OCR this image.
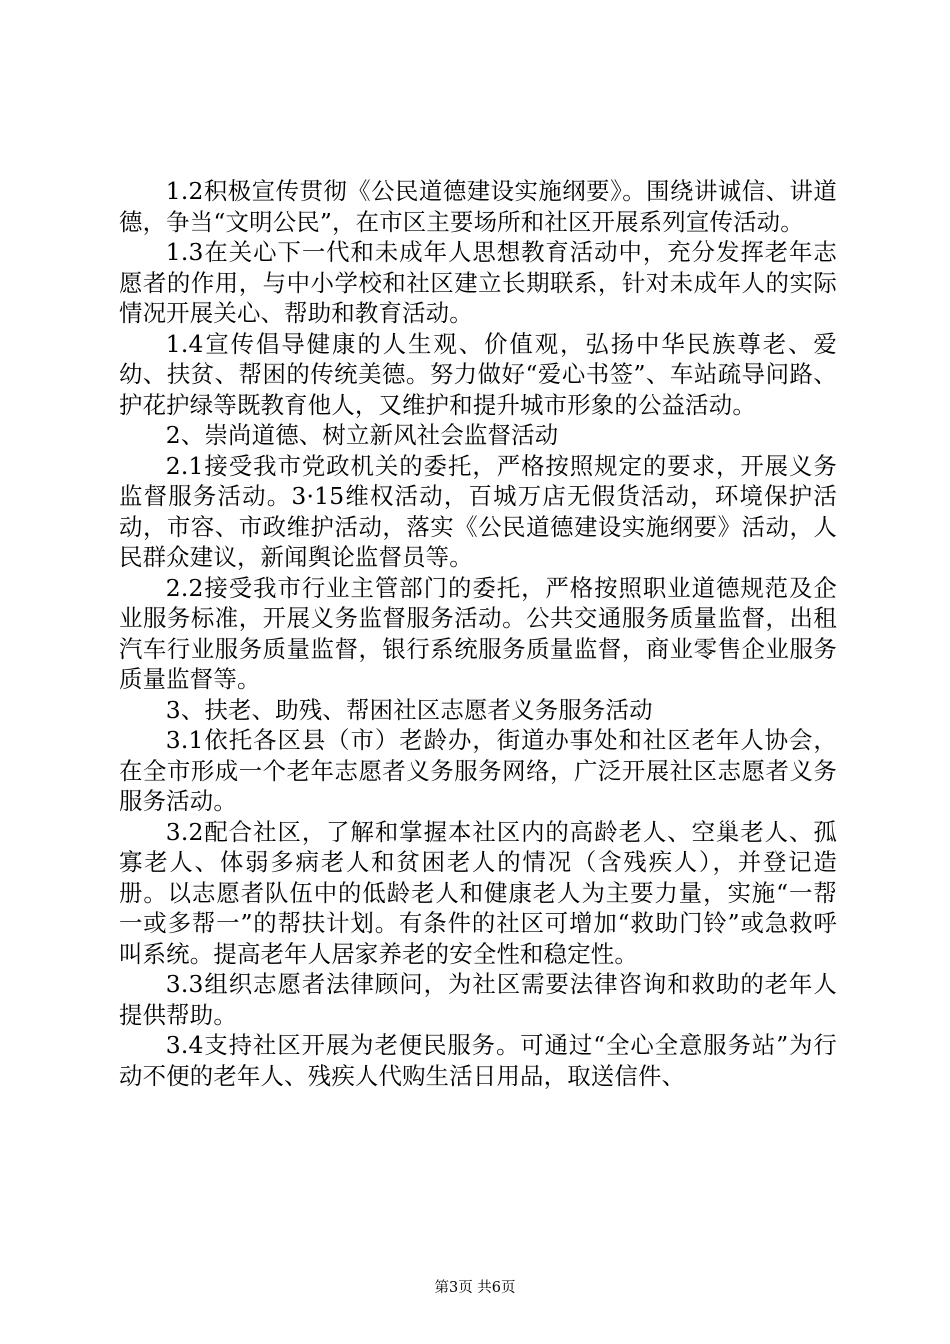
1.2积极宣传贯彻《公民道德建设实施纲要》。围绕讲诚信、讲道德，争当“文明公民”，在市区主要场所和社区开展系列宣传活动。

1.3在关心下一代和未成年人思想教育活动中，充分发挥老年志愿者的作用，与中小学校和社区建立长期联系，针对未成年人的实际情况开展关心、帮助和教育活动。

1.4宣传倡导健康的人生观、价值观，弘扬中华民族尊老、爱幼、扶贫、帮困的传统美德。努力做好“爱心书签”、车站疏导问路、护花护绿等既教育他人，又维护和提升城市形象的公益活动。

2、崇尚道德、树立新风社会监督活动

2.1接受我市党政机关的委托，严格按照规定的要求，开展义务监督服务活动。3·15维权活动，百城万店无假货活动，环境保护活动，市容、市政维护活动，落实《公民道德建设实施纲要》活动，人民群众建议，新闻舆论监督员等。

2.2接受我市行业主管部门的委托，严格按照职业道德规范及企业服务标准，开展义务监督服务活动。公共交通服务质量监督，出租汽车行业服务质量监督，银行系统服务质量监督，商业零售企业服务质量监督等。

3、扶老、助残、帮困社区志愿者义务服务活动

3.1依托各区县（市）老龄办，街道办事处和社区老年人协会，在全市形成一个老年志愿者义务服务网络，广泛开展社区志愿者义务服务活动。

3.2配合社区，了解和掌握本社区内的高龄老人、空巢老人、孤寡老人、体弱多病老人和贫困老人的情况（含残疾人），并登记造册。以志愿者队伍中的低龄老人和健康老人为主要力量，实施“一帮一或多帮一”的帮扶计划。有条件的社区可增加“救助门铃”或急救呼叫系统。提高老年人居家养老的安全性和稳定性。

3.3组织志愿者法律顾问，为社区需要法律咨询和救助的老年人提供帮助。

3.4支持社区开展为老便民服务。可通过“全心全意服务站”为行动不便的老年人、残疾人代购生活日用品，取送信件、

第3页 共6页
